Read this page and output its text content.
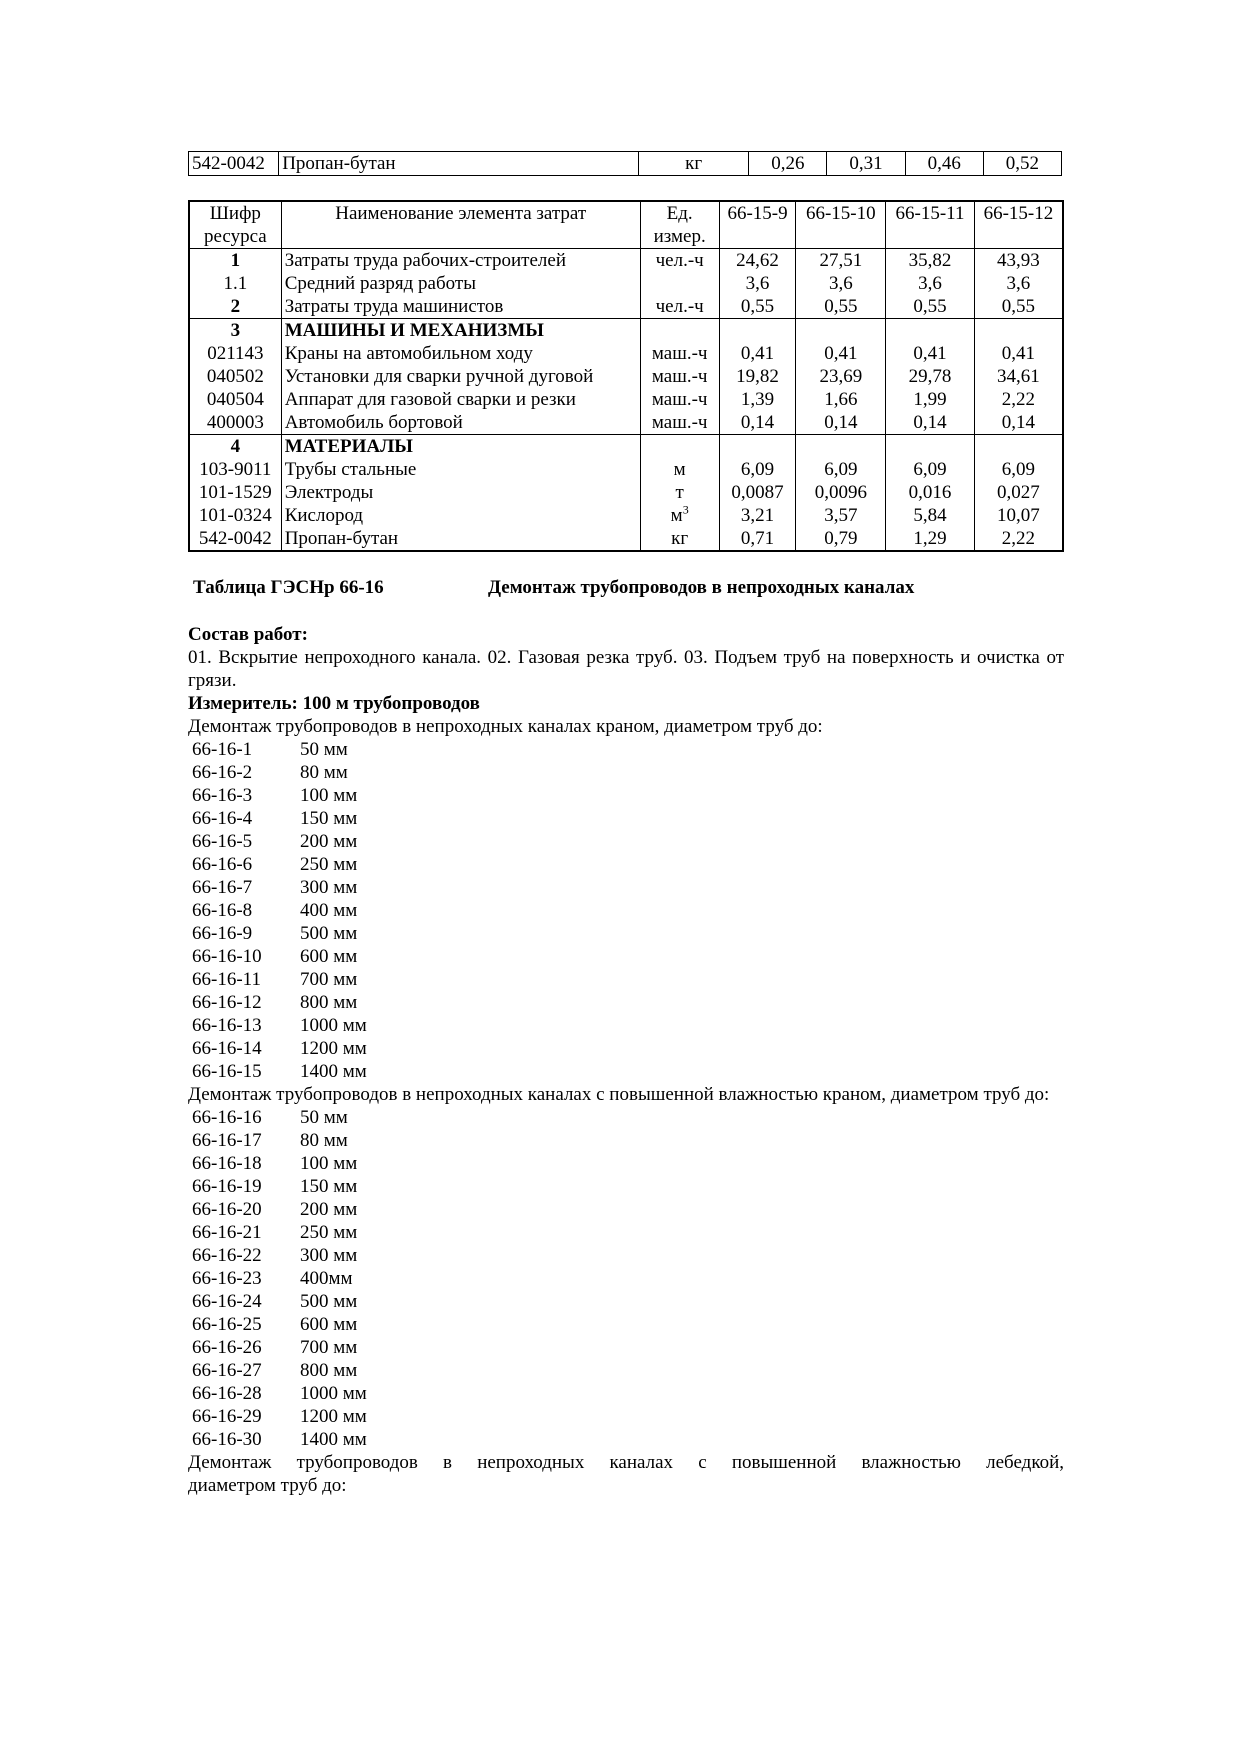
542-0042	Пропан-бутан	кг	0,26	0,31	0,46	0,52
Шифр ресурса	Наименование элемента затрат	Ед. измер.	66-15-9	66-15-10	66-15-11	66-15-12
1	Затраты труда рабочих-строителей	чел.-ч	24,62	27,51	35,82	43,93
1.1	Средний разряд работы		3,6	3,6	3,6	3,6
2	Затраты труда машинистов	чел.-ч	0,55	0,55	0,55	0,55
3	МАШИНЫ И МЕХАНИЗМЫ					
021143	Краны на автомобильном ходу	маш.-ч	0,41	0,41	0,41	0,41
040502	Установки для сварки ручной дуговой	маш.-ч	19,82	23,69	29,78	34,61
040504	Аппарат для газовой сварки и резки	маш.-ч	1,39	1,66	1,99	2,22
400003	Автомобиль бортовой	маш.-ч	0,14	0,14	0,14	0,14
4	МАТЕРИАЛЫ					
103-9011	Трубы стальные	м	6,09	6,09	6,09	6,09
101-1529	Электроды	т	0,0087	0,0096	0,016	0,027
101-0324	Кислород	$м^3$	3,21	3,57	5,84	10,07
542-0042	Пропан-бутан	кг	0,71	0,79	1,29	2,22
Таблица ГЭСНр 66-16	Демонтаж трубопроводов в непроходных каналах
Состав работ:
01. Вскрытие непроходного канала. 02. Газовая резка труб. 03. Подъем труб на поверхность и очистка от грязи.
Измеритель: 100 м трубопроводов
Демонтаж трубопроводов в непроходных каналах краном, диаметром труб до:
66-16-1	50 мм
66-16-2	80 мм
66-16-3	100 мм
66-16-4	150 мм
66-16-5	200 мм
66-16-6	250 мм
66-16-7	300 мм
66-16-8	400 мм
66-16-9	500 мм
66-16-10 600 мм
66-16-11 700 мм
66-16-12 800 мм
66-16-13 1000 мм
66-16-14 1200 мм
66-16-15 1400 мм
Демонтаж трубопроводов в непроходных каналах с повышенной влажностью краном, диаметром труб до:
66-16-16 50 мм
66-16-17 80 мм
66-16-18 100 мм
66-16-19 150 мм
66-16-20 200 мм
66-16-21 250 мм
66-16-22 300 мм
66-16-23 400мм
66-16-24 500 мм
66-16-25 600 мм
66-16-26 700 мм
66-16-27 800 мм
66-16-28 1000 мм
66-16-29 1200 мм
66-16-30 1400 мм
Демонтаж трубопроводов в непроходных каналах с повышенной влажностью лебедкой,
диаметром труб до:
